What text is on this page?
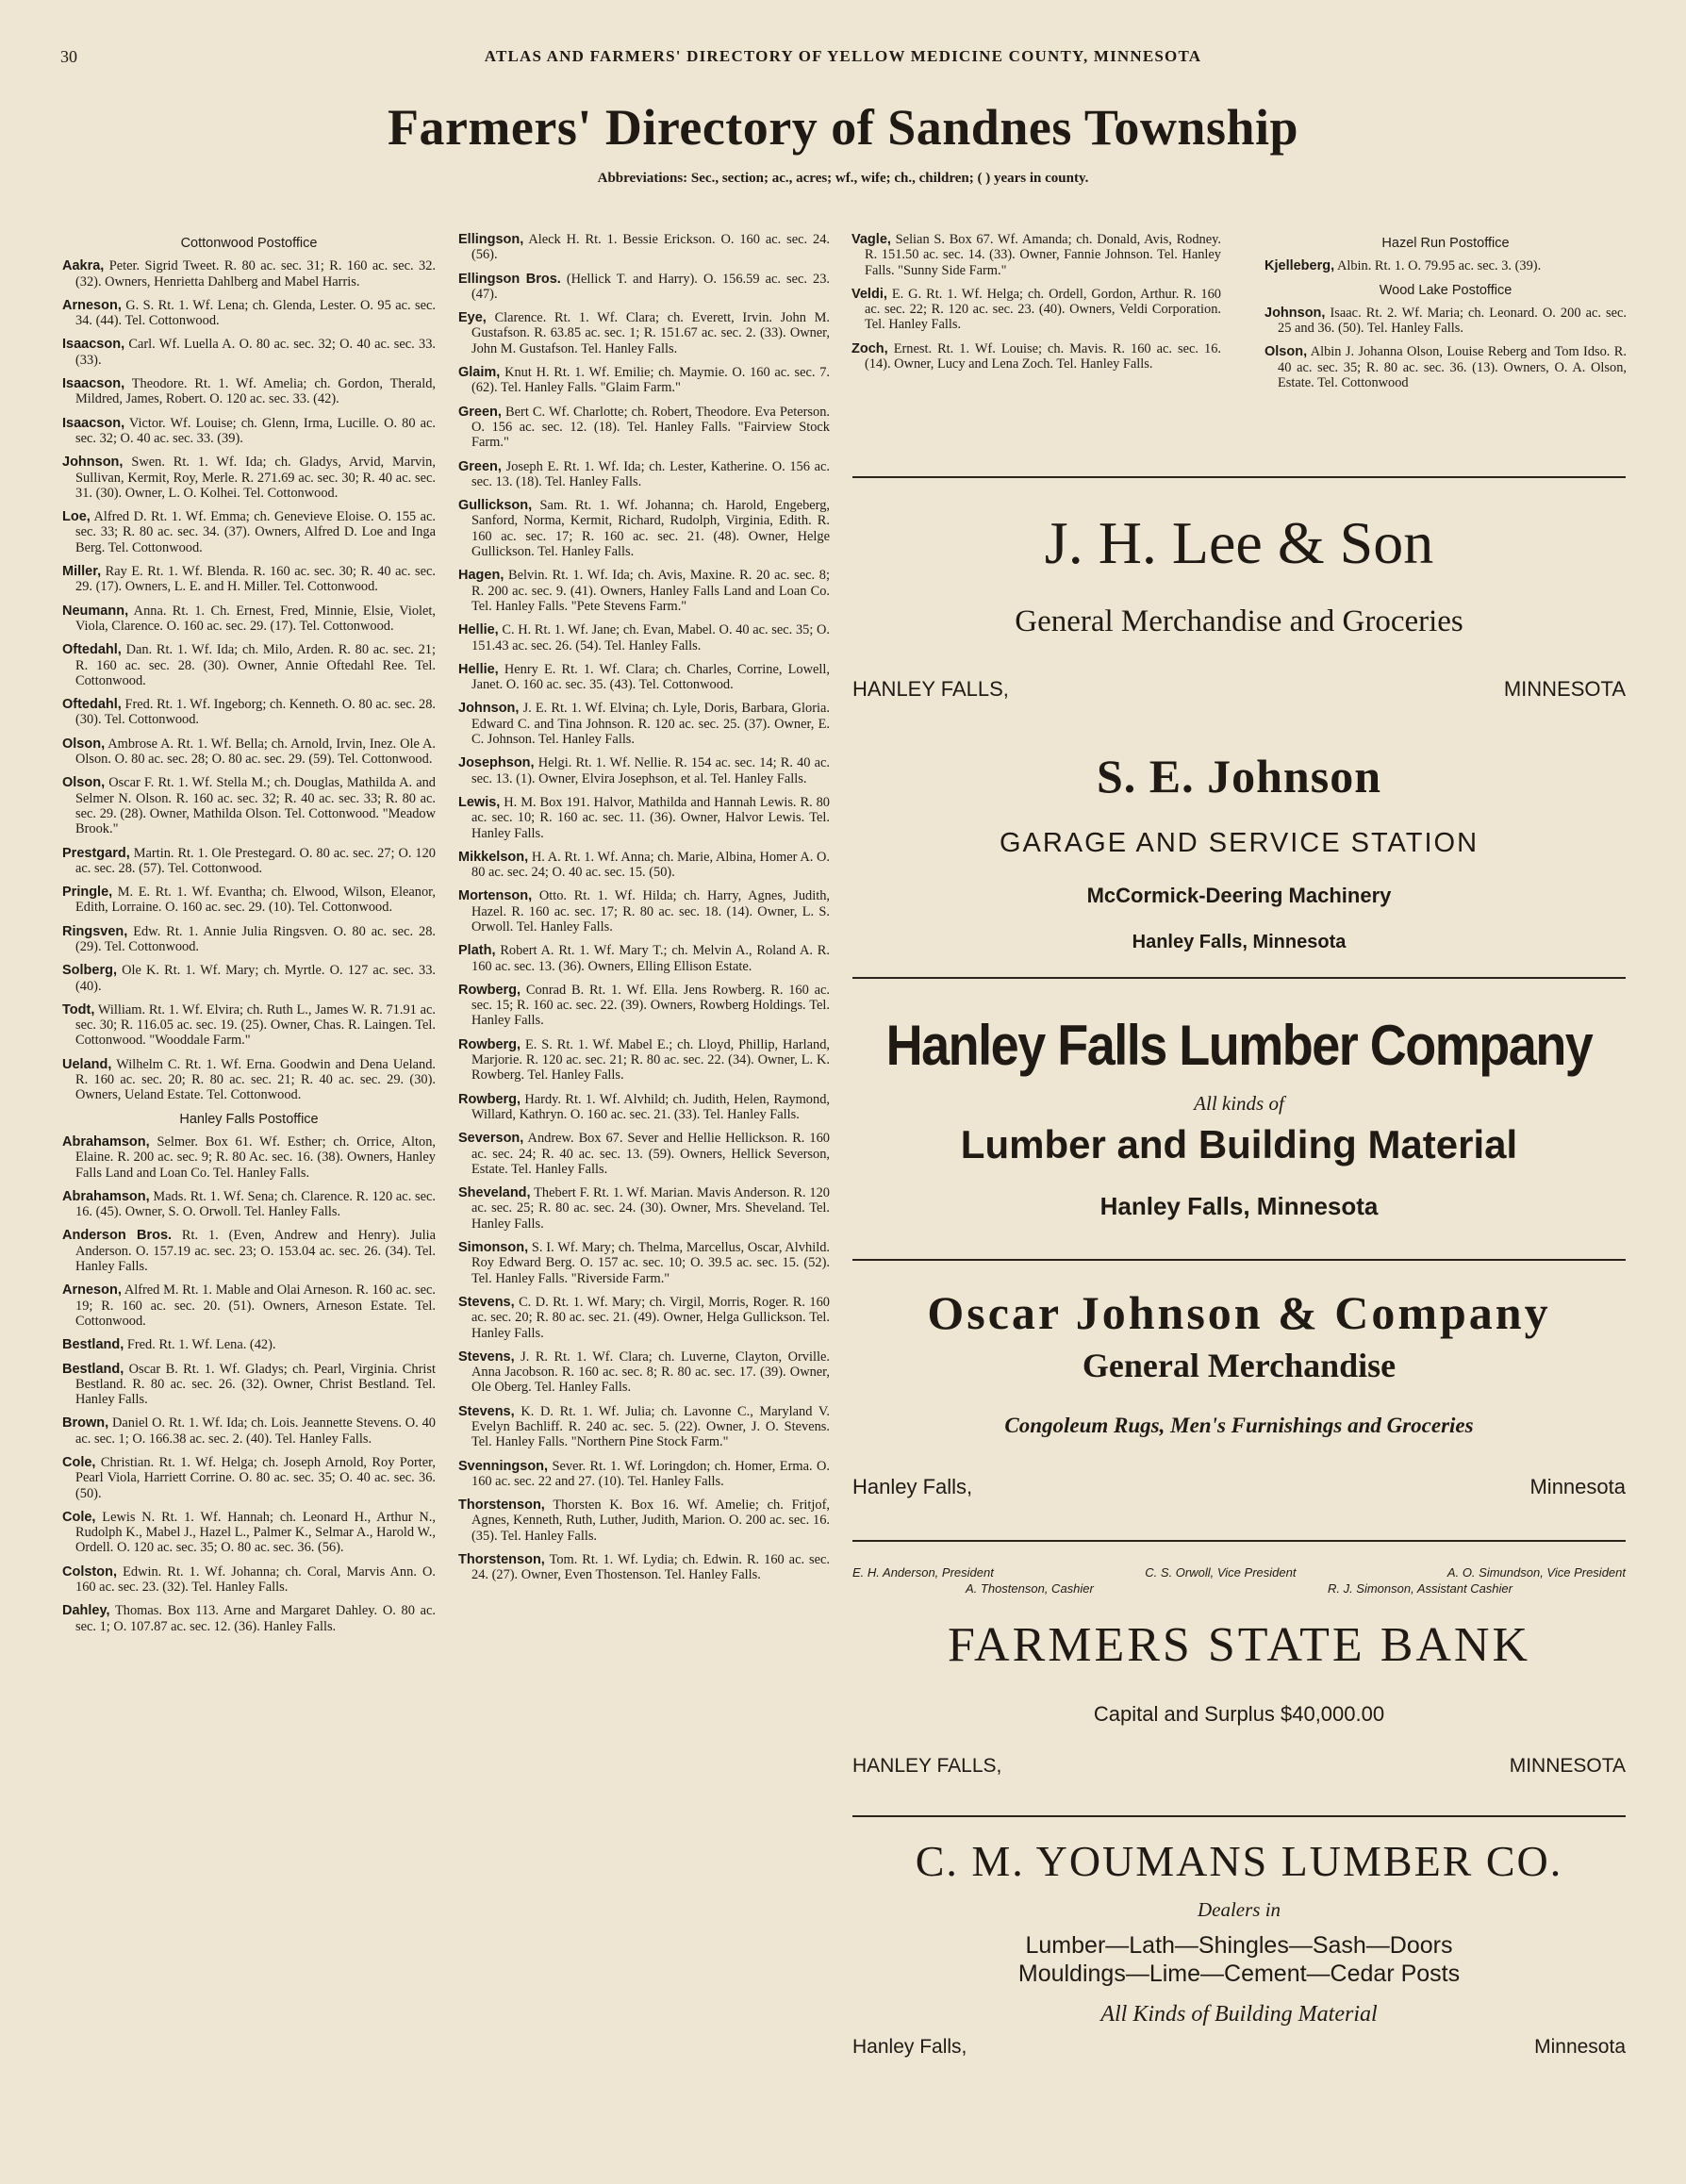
30	ATLAS AND FARMERS' DIRECTORY OF YELLOW MEDICINE COUNTY, MINNESOTA
Farmers' Directory of Sandnes Township
Abbreviations: Sec., section; ac., acres; wf., wife; ch., children; ( ) years in county.
Cottonwood Postoffice
Aakra, Peter. Sigrid Tweet. R. 80 ac. sec. 31; R. 160 ac. sec. 32. (32). Owners, Henrietta Dahlberg and Mabel Harris.
Arneson, G. S. Rt. 1. Wf. Lena; ch. Glenda, Lester. O. 95 ac. sec. 34. (44). Tel. Cottonwood.
Isaacson, Carl. Wf. Luella A. O. 80 ac. sec. 32; O. 40 ac. sec. 33. (33).
Isaacson, Theodore. Rt. 1. Wf. Amelia; ch. Gordon, Therald, Mildred, James, Robert. O. 120 ac. sec. 33. (42).
Isaacson, Victor. Wf. Louise; ch. Glenn, Irma, Lucille. O. 80 ac. sec. 32; O. 40 ac. sec. 33. (39).
Johnson, Swen. Rt. 1. Wf. Ida; ch. Gladys, Arvid, Marvin, Sullivan, Kermit, Roy, Merle. R. 271.69 ac. sec. 30; R. 40 ac. sec. 31. (30). Owner, L. O. Kolhei. Tel. Cottonwood.
Loe, Alfred D. Rt. 1. Wf. Emma; ch. Genevieve Eloise. O. 155 ac. sec. 33; R. 80 ac. sec. 34. (37). Owners, Alfred D. Loe and Inga Berg. Tel. Cottonwood.
Miller, Ray E. Rt. 1. Wf. Blenda. R. 160 ac. sec. 30; R. 40 ac. sec. 29. (17). Owners, L. E. and H. Miller. Tel. Cottonwood.
Neumann, Anna. Rt. 1. Ch. Ernest, Fred, Minnie, Elsie, Violet, Viola, Clarence. O. 160 ac. sec. 29. (17). Tel. Cottonwood.
Oftedahl, Dan. Rt. 1. Wf. Ida; ch. Milo, Arden. R. 80 ac. sec. 21; R. 160 ac. sec. 28. (30). Owner, Annie Oftedahl Ree. Tel. Cottonwood.
Oftedahl, Fred. Rt. 1. Wf. Ingeborg; ch. Kenneth. O. 80 ac. sec. 28. (30). Tel. Cottonwood.
Olson, Ambrose A. Rt. 1. Wf. Bella; ch. Arnold, Irvin, Inez. Ole A. Olson. O. 80 ac. sec. 28; O. 80 ac. sec. 29. (59). Tel. Cottonwood.
Olson, Oscar F. Rt. 1. Wf. Stella M.; ch. Douglas, Mathilda A. and Selmer N. Olson. R. 160 ac. sec. 32; R. 40 ac. sec. 33; R. 80 ac. sec. 29. (28). Owner, Mathilda Olson. Tel. Cottonwood. "Meadow Brook."
Prestgard, Martin. Rt. 1. Ole Prestegard. O. 80 ac. sec. 27; O. 120 ac. sec. 28. (57). Tel. Cottonwood.
Pringle, M. E. Rt. 1. Wf. Evantha; ch. Elwood, Wilson, Eleanor, Edith, Lorraine. O. 160 ac. sec. 29. (10). Tel. Cottonwood.
Ringsven, Edw. Rt. 1. Annie Julia Ringsven. O. 80 ac. sec. 28. (29). Tel. Cottonwood.
Solberg, Ole K. Rt. 1. Wf. Mary; ch. Myrtle. O. 127 ac. sec. 33. (40).
Todt, William. Rt. 1. Wf. Elvira; ch. Ruth L., James W. R. 71.91 ac. sec. 30; R. 116.05 ac. sec. 19. (25). Owner, Chas. R. Laingen. Tel. Cottonwood. "Wooddale Farm."
Ueland, Wilhelm C. Rt. 1. Wf. Erna. Goodwin and Dena Ueland. R. 160 ac. sec. 20; R. 80 ac. sec. 21; R. 40 ac. sec. 29. (30). Owners, Ueland Estate. Tel. Cottonwood.
Hanley Falls Postoffice
Abrahamson, Selmer. Box 61. Wf. Esther; ch. Orrice, Alton, Elaine. R. 200 ac. sec. 9; R. 80 Ac. sec. 16. (38). Owners, Hanley Falls Land and Loan Co. Tel. Hanley Falls.
Abrahamson, Mads. Rt. 1. Wf. Sena; ch. Clarence. R. 120 ac. sec. 16. (45). Owner, S. O. Orwoll. Tel. Hanley Falls.
Anderson Bros. Rt. 1. (Even, Andrew and Henry). Julia Anderson. O. 157.19 ac. sec. 23; O. 153.04 ac. sec. 26. (34). Tel. Hanley Falls.
Arneson, Alfred M. Rt. 1. Mable and Olai Arneson. R. 160 ac. sec. 19; R. 160 ac. sec. 20. (51). Owners, Arneson Estate. Tel. Cottonwood.
Bestland, Fred. Rt. 1. Wf. Lena. (42).
Bestland, Oscar B. Rt. 1. Wf. Gladys; ch. Pearl, Virginia. Christ Bestland. R. 80 ac. sec. 26. (32). Owner, Christ Bestland. Tel. Hanley Falls.
Brown, Daniel O. Rt. 1. Wf. Ida; ch. Lois. Jeannette Stevens. O. 40 ac. sec. 1; O. 166.38 ac. sec. 2. (40). Tel. Hanley Falls.
Cole, Christian. Rt. 1. Wf. Helga; ch. Joseph Arnold, Roy Porter, Pearl Viola, Harriett Corrine. O. 80 ac. sec. 35; O. 40 ac. sec. 36. (50).
Cole, Lewis N. Rt. 1. Wf. Hannah; ch. Leonard H., Arthur N., Rudolph K., Mabel J., Hazel L., Palmer K., Selmar A., Harold W., Ordell. O. 120 ac. sec. 35; O. 80 ac. sec. 36. (56).
Colston, Edwin. Rt. 1. Wf. Johanna; ch. Coral, Marvis Ann. O. 160 ac. sec. 23. (32). Tel. Hanley Falls.
Dahley, Thomas. Box 113. Arne and Margaret Dahley. O. 80 ac. sec. 1; O. 107.87 ac. sec. 12. (36). Hanley Falls.
Ellingson, Aleck H. Rt. 1. Bessie Erickson. O. 160 ac. sec. 24. (56).
Ellingson Bros. (Hellick T. and Harry). O. 156.59 ac. sec. 23. (47).
Eye, Clarence. Rt. 1. Wf. Clara; ch. Everett, Irvin. John M. Gustafson. R. 63.85 ac. sec. 1; R. 151.67 ac. sec. 2. (33). Owner, John M. Gustafson. Tel. Hanley Falls.
Glaim, Knut H. Rt. 1. Wf. Emilie; ch. Maymie. O. 160 ac. sec. 7. (62). Tel. Hanley Falls. "Glaim Farm."
Green, Bert C. Wf. Charlotte; ch. Robert, Theodore. Eva Peterson. O. 156 ac. sec. 12. (18). Tel. Hanley Falls. "Fairview Stock Farm."
Green, Joseph E. Rt. 1. Wf. Ida; ch. Lester, Katherine. O. 156 ac. sec. 13. (18). Tel. Hanley Falls.
Gullickson, Sam. Rt. 1. Wf. Johanna; ch. Harold, Engeberg, Sanford, Norma, Kermit, Richard, Rudolph, Virginia, Edith. R. 160 ac. sec. 17; R. 160 ac. sec. 21. (48). Owner, Helge Gullickson. Tel. Hanley Falls.
Hagen, Belvin. Rt. 1. Wf. Ida; ch. Avis, Maxine. R. 20 ac. sec. 8; R. 200 ac. sec. 9. (41). Owners, Hanley Falls Land and Loan Co. Tel. Hanley Falls. "Pete Stevens Farm."
Hellie, C. H. Rt. 1. Wf. Jane; ch. Evan, Mabel. O. 40 ac. sec. 35; O. 151.43 ac. sec. 26. (54). Tel. Hanley Falls.
Hellie, Henry E. Rt. 1. Wf. Clara; ch. Charles, Corrine, Lowell, Janet. O. 160 ac. sec. 35. (43). Tel. Cottonwood.
Johnson, J. E. Rt. 1. Wf. Elvina; ch. Lyle, Doris, Barbara, Gloria. Edward C. and Tina Johnson. R. 120 ac. sec. 25. (37). Owner, E. C. Johnson. Tel. Hanley Falls.
Josephson, Helgi. Rt. 1. Wf. Nellie. R. 154 ac. sec. 14; R. 40 ac. sec. 13. (1). Owner, Elvira Josephson, et al. Tel. Hanley Falls.
Lewis, H. M. Box 191. Halvor, Mathilda and Hannah Lewis. R. 80 ac. sec. 10; R. 160 ac. sec. 11. (36). Owner, Halvor Lewis. Tel. Hanley Falls.
Mikkelson, H. A. Rt. 1. Wf. Anna; ch. Marie, Albina, Homer A. O. 80 ac. sec. 24; O. 40 ac. sec. 15. (50).
Mortenson, Otto. Rt. 1. Wf. Hilda; ch. Harry, Agnes, Judith, Hazel. R. 160 ac. sec. 17; R. 80 ac. sec. 18. (14). Owner, L. S. Orwoll. Tel. Hanley Falls.
Plath, Robert A. Rt. 1. Wf. Mary T.; ch. Melvin A., Roland A. R. 160 ac. sec. 13. (36). Owners, Elling Ellison Estate.
Rowberg, Conrad B. Rt. 1. Wf. Ella. Jens Rowberg. R. 160 ac. sec. 15; R. 160 ac. sec. 22. (39). Owners, Rowberg Holdings. Tel. Hanley Falls.
Rowberg, E. S. Rt. 1. Wf. Mabel E.; ch. Lloyd, Phillip, Harland, Marjorie. R. 120 ac. sec. 21; R. 80 ac. sec. 22. (34). Owner, L. K. Rowberg. Tel. Hanley Falls.
Rowberg, Hardy. Rt. 1. Wf. Alvhild; ch. Judith, Helen, Raymond, Willard, Kathryn. O. 160 ac. sec. 21. (33). Tel. Hanley Falls.
Severson, Andrew. Box 67. Sever and Hellie Hellickson. R. 160 ac. sec. 24; R. 40 ac. sec. 13. (59). Owners, Hellick Severson, Estate. Tel. Hanley Falls.
Sheveland, Thebert F. Rt. 1. Wf. Marian. Mavis Anderson. R. 120 ac. sec. 25; R. 80 ac. sec. 24. (30). Owner, Mrs. Sheveland. Tel. Hanley Falls.
Simonson, S. I. Wf. Mary; ch. Thelma, Marcellus, Oscar, Alvhild. Roy Edward Berg. O. 157 ac. sec. 10; O. 39.5 ac. sec. 15. (52). Tel. Hanley Falls. "Riverside Farm."
Stevens, C. D. Rt. 1. Wf. Mary; ch. Virgil, Morris, Roger. R. 160 ac. sec. 20; R. 80 ac. sec. 21. (49). Owner, Helga Gullickson. Tel. Hanley Falls.
Stevens, J. R. Rt. 1. Wf. Clara; ch. Luverne, Clayton, Orville. Anna Jacobson. R. 160 ac. sec. 8; R. 80 ac. sec. 17. (39). Owner, Ole Oberg. Tel. Hanley Falls.
Stevens, K. D. Rt. 1. Wf. Julia; ch. Lavonne C., Maryland V. Evelyn Bachliff. R. 240 ac. sec. 5. (22). Owner, J. O. Stevens. Tel. Hanley Falls. "Northern Pine Stock Farm."
Svenningson, Sever. Rt. 1. Wf. Loringdon; ch. Homer, Erma. O. 160 ac. sec. 22 and 27. (10). Tel. Hanley Falls.
Thorstenson, Thorsten K. Box 16. Wf. Amelie; ch. Fritjof, Agnes, Kenneth, Ruth, Luther, Judith, Marion. O. 200 ac. sec. 16. (35). Tel. Hanley Falls.
Thorstenson, Tom. Rt. 1. Wf. Lydia; ch. Edwin. R. 160 ac. sec. 24. (27). Owner, Even Thostenson. Tel. Hanley Falls.
Vagle, Selian S. Box 67. Wf. Amanda; ch. Donald, Avis, Rodney. R. 151.50 ac. sec. 14. (33). Owner, Fannie Johnson. Tel. Hanley Falls. "Sunny Side Farm."
Veldi, E. G. Rt. 1. Wf. Helga; ch. Ordell, Gordon, Arthur. R. 160 ac. sec. 22; R. 120 ac. sec. 23. (40). Owners, Veldi Corporation. Tel. Hanley Falls.
Zoch, Ernest. Rt. 1. Wf. Louise; ch. Mavis. R. 160 ac. sec. 16. (14). Owner, Lucy and Lena Zoch. Tel. Hanley Falls.
Hazel Run Postoffice
Kjelleberg, Albin. Rt. 1. O. 79.95 ac. sec. 3. (39).
Wood Lake Postoffice
Johnson, Isaac. Rt. 2. Wf. Maria; ch. Leonard. O. 200 ac. sec. 25 and 36. (50). Tel. Hanley Falls.
Olson, Albin J. Johanna Olson, Louise Reberg and Tom Idso. R. 40 ac. sec. 35; R. 80 ac. sec. 36. (13). Owners, O. A. Olson, Estate. Tel. Cottonwood
J. H. Lee & Son
General Merchandise and Groceries
HANLEY FALLS,	MINNESOTA
S. E. Johnson
GARAGE AND SERVICE STATION
McCormick-Deering Machinery
Hanley Falls, Minnesota
Hanley Falls Lumber Company
All kinds of
Lumber and Building Material
Hanley Falls, Minnesota
Oscar Johnson & Company
General Merchandise
Congoleum Rugs, Men's Furnishings and Groceries
Hanley Falls,	Minnesota
E. H. Anderson, President	C. S. Orwoll, Vice President	A. O. Simundson, Vice President
A. Thostenson, Cashier	R. J. Simonson, Assistant Cashier
FARMERS STATE BANK
Capital and Surplus $40,000.00
HANLEY FALLS,	MINNESOTA
C. M. YOUMANS LUMBER CO.
Dealers in
Lumber—Lath—Shingles—Sash—Doors
Mouldings—Lime—Cement—Cedar Posts
All Kinds of Building Material
Hanley Falls,	Minnesota
